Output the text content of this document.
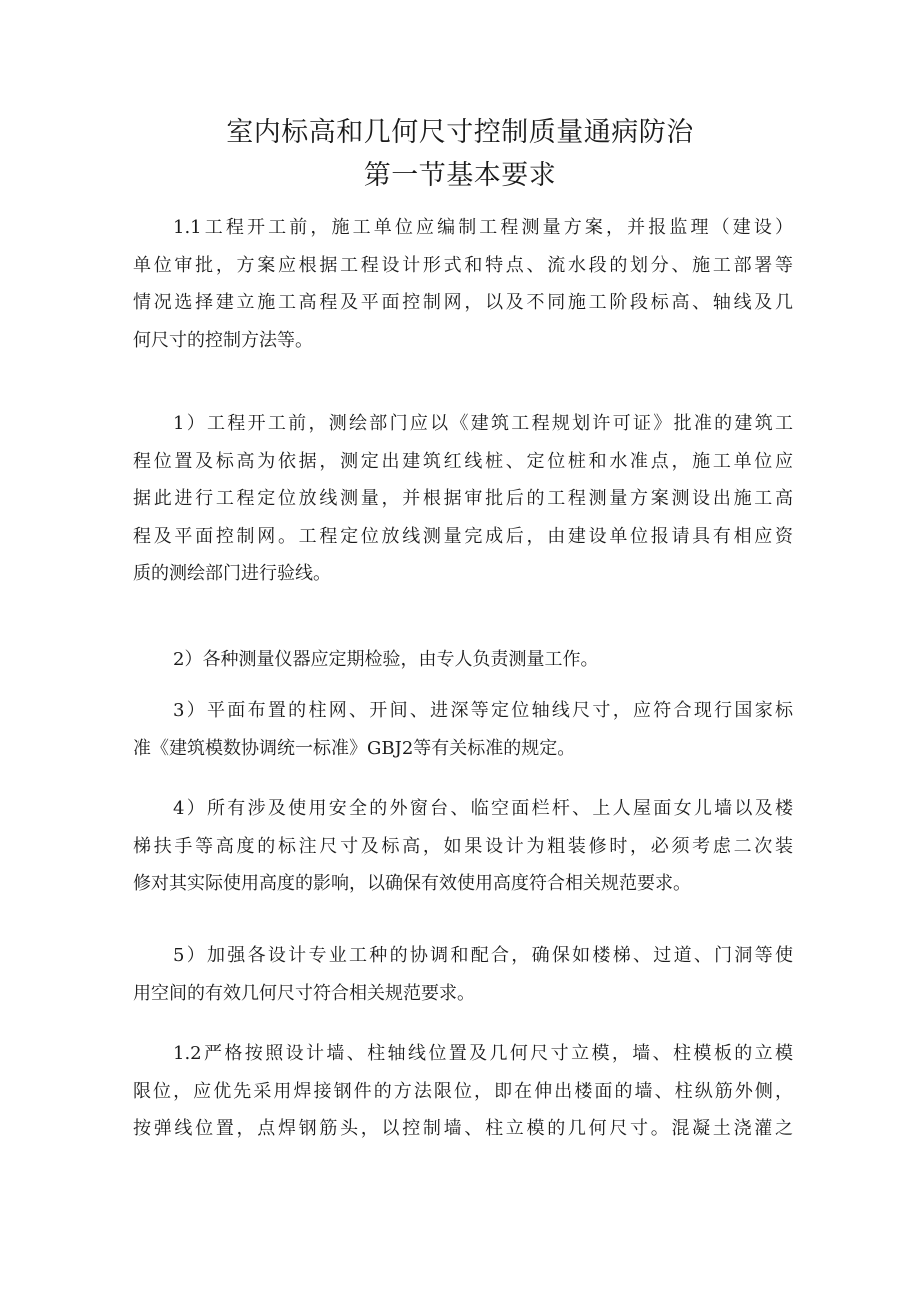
室内标高和几何尺寸控制质量通病防治
第一节基本要求
1.1工程开工前，施工单位应编制工程测量方案，并报监理（建设）
单位审批，方案应根据工程设计形式和特点、流水段的划分、施工部署等
情况选择建立施工高程及平面控制网，以及不同施工阶段标高、轴线及几
何尺寸的控制方法等。
1）工程开工前，测绘部门应以《建筑工程规划许可证》批准的建筑工
程位置及标高为依据，测定出建筑红线桩、定位桩和水准点，施工单位应
据此进行工程定位放线测量，并根据审批后的工程测量方案测设出施工高
程及平面控制网。工程定位放线测量完成后，由建设单位报请具有相应资
质的测绘部门进行验线。
2）各种测量仪器应定期检验，由专人负责测量工作。
3）平面布置的柱网、开间、进深等定位轴线尺寸，应符合现行国家标
准《建筑模数协调统一标准》GBJ2等有关标准的规定。
4）所有涉及使用安全的外窗台、临空面栏杆、上人屋面女儿墙以及楼
梯扶手等高度的标注尺寸及标高，如果设计为粗装修时，必须考虑二次装
修对其实际使用高度的影响，以确保有效使用高度符合相关规范要求。
5）加强各设计专业工种的协调和配合，确保如楼梯、过道、门洞等使
用空间的有效几何尺寸符合相关规范要求。
1.2严格按照设计墙、柱轴线位置及几何尺寸立模，墙、柱模板的立模
限位，应优先采用焊接钢件的方法限位，即在伸出楼面的墙、柱纵筋外侧，
按弹线位置，点焊钢筋头，以控制墙、柱立模的几何尺寸。混凝土浇灌之
